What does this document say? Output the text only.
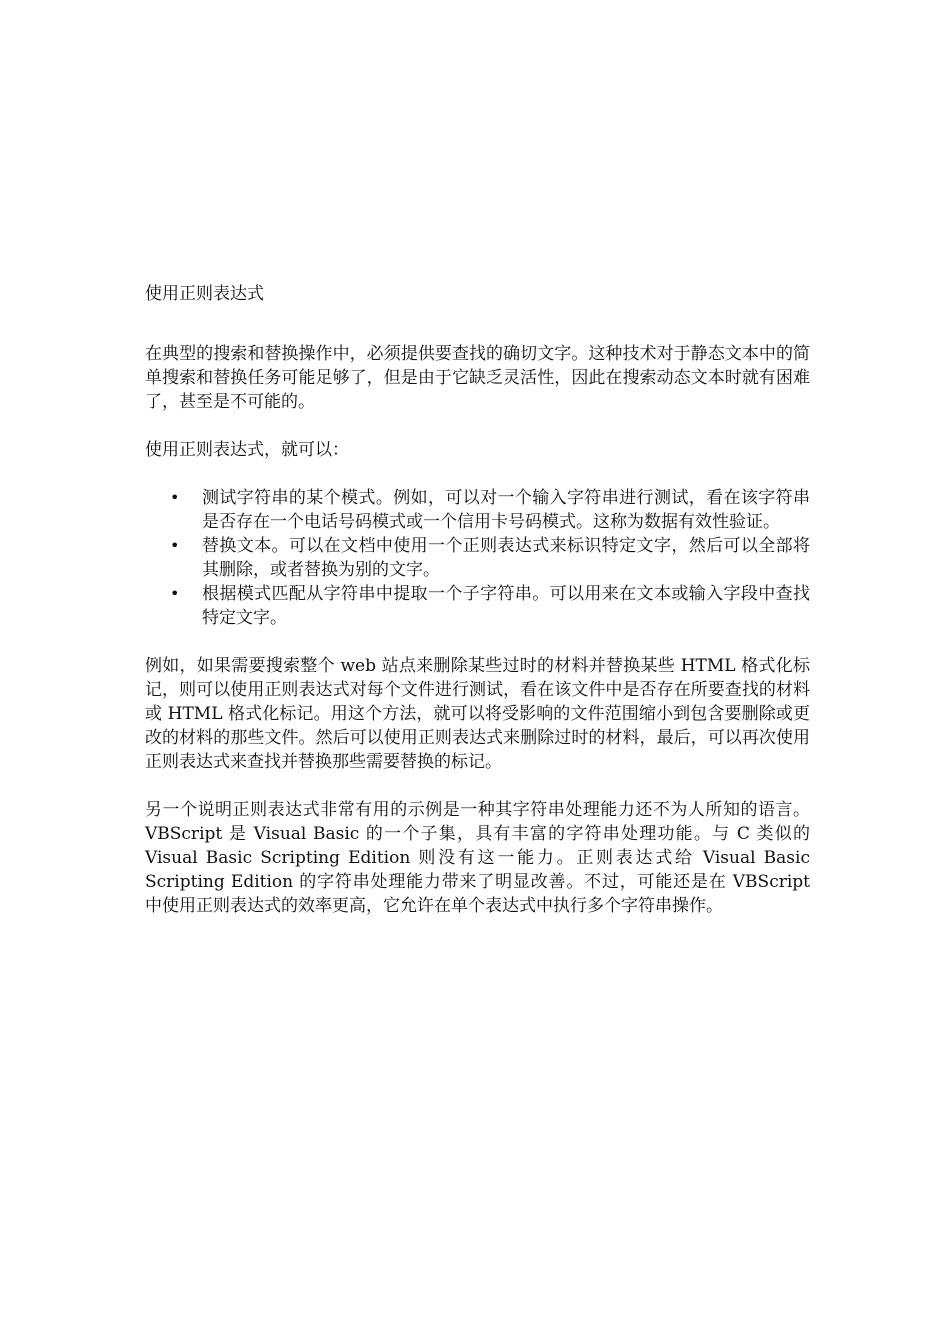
使用正则表达式

在典型的搜索和替换操作中，必须提供要查找的确切文字。这种技术对于静态文本中的简单搜索和替换任务可能足够了，但是由于它缺乏灵活性，因此在搜索动态文本时就有困难了，甚至是不可能的。

使用正则表达式，就可以：

• 测试字符串的某个模式。例如，可以对一个输入字符串进行测试，看在该字符串是否存在一个电话号码模式或一个信用卡号码模式。这称为数据有效性验证。
• 替换文本。可以在文档中使用一个正则表达式来标识特定文字，然后可以全部将其删除，或者替换为别的文字。
• 根据模式匹配从字符串中提取一个子字符串。可以用来在文本或输入字段中查找特定文字。

例如，如果需要搜索整个 web 站点来删除某些过时的材料并替换某些 HTML 格式化标记，则可以使用正则表达式对每个文件进行测试，看在该文件中是否存在所要查找的材料或 HTML 格式化标记。用这个方法，就可以将受影响的文件范围缩小到包含要删除或更改的材料的那些文件。然后可以使用正则表达式来删除过时的材料，最后，可以再次使用正则表达式来查找并替换那些需要替换的标记。

另一个说明正则表达式非常有用的示例是一种其字符串处理能力还不为人所知的语言。VBScript 是 Visual Basic 的一个子集，具有丰富的字符串处理功能。与 C 类似的 Visual Basic Scripting Edition 则没有这一能力。正则表达式给 Visual Basic Scripting Edition 的字符串处理能力带来了明显改善。不过，可能还是在 VBScript 中使用正则表达式的效率更高，它允许在单个表达式中执行多个字符串操作。
